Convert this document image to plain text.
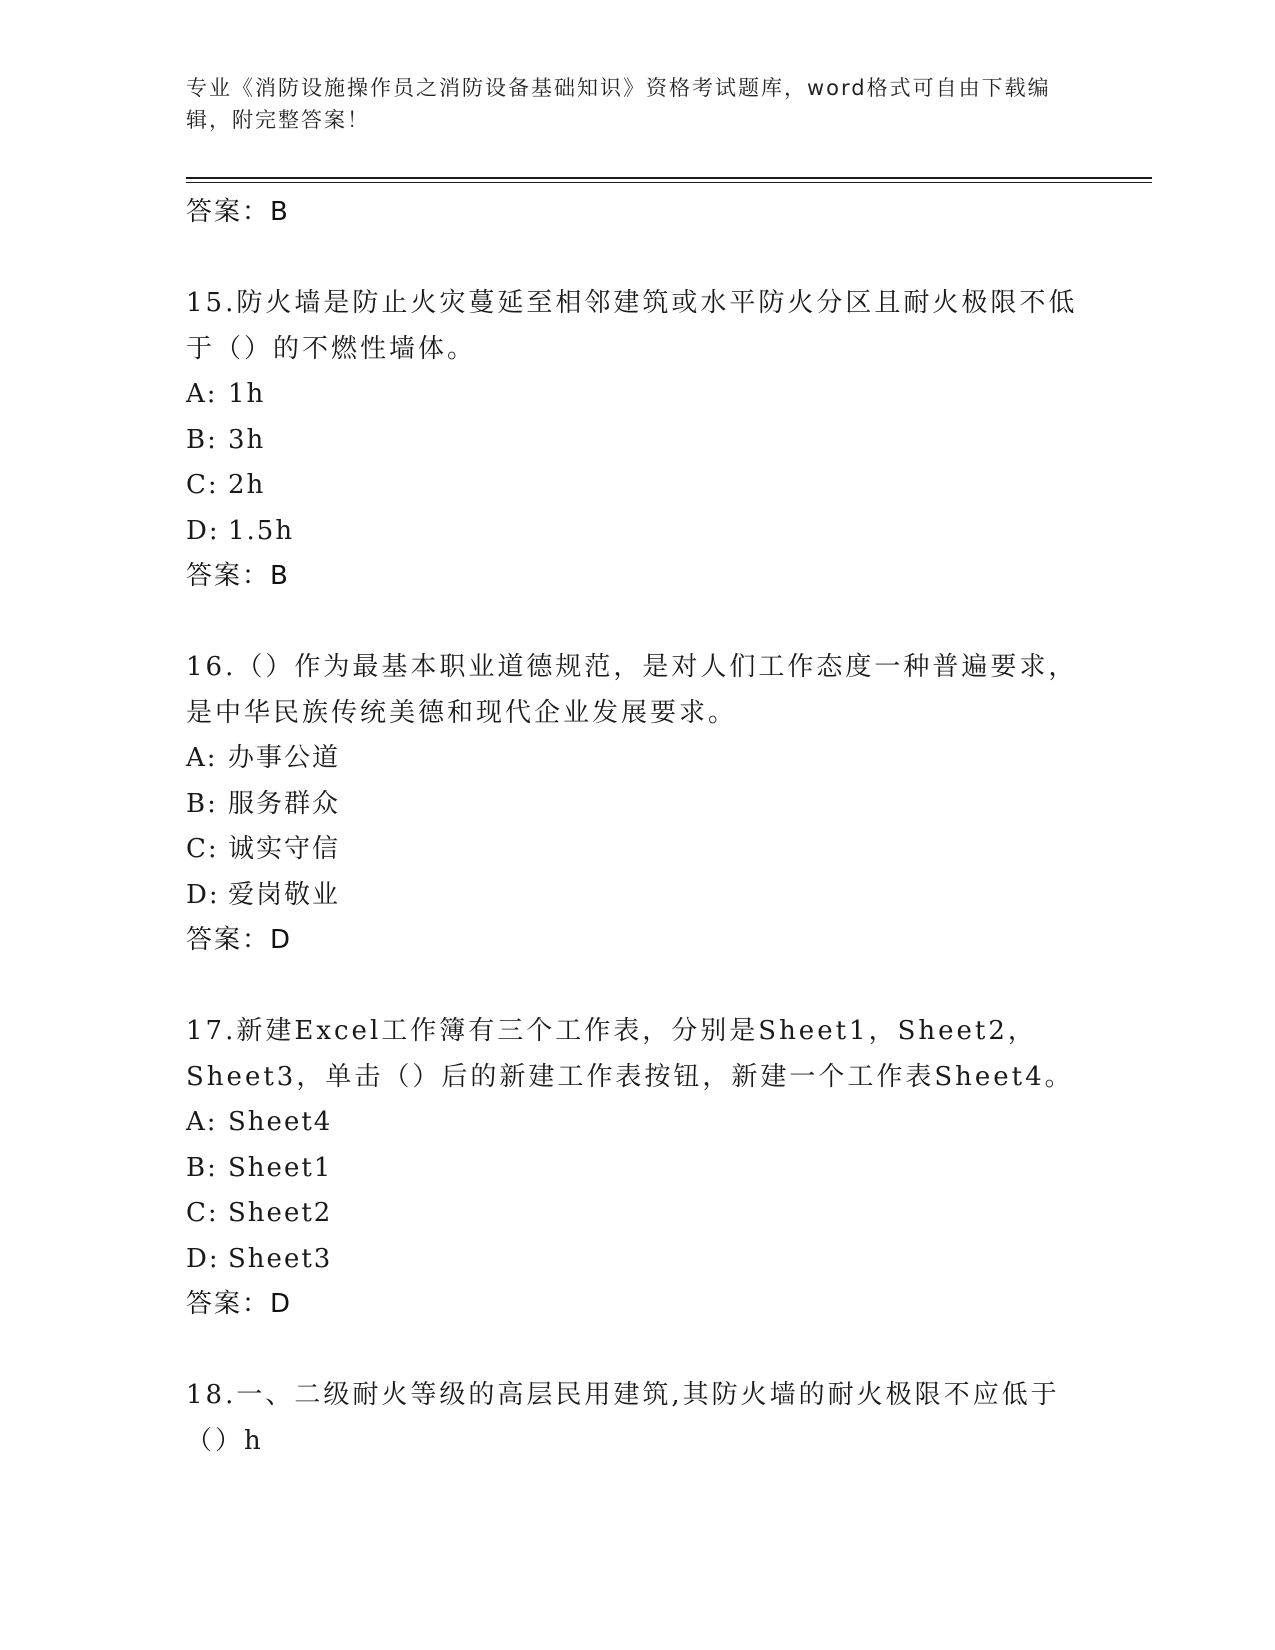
专业《消防设施操作员之消防设备基础知识》资格考试题库，word格式可自由下载编辑，附完整答案！
答案：B
15.防火墙是防止火灾蔓延至相邻建筑或水平防火分区且耐火极限不低于（）的不燃性墙体。
A: 1h
B: 3h
C: 2h
D: 1.5h
答案：B
16.（）作为最基本职业道德规范，是对人们工作态度一种普遍要求，是中华民族传统美德和现代企业发展要求。
A: 办事公道
B: 服务群众
C: 诚实守信
D: 爱岗敬业
答案：D
17.新建Excel工作簿有三个工作表，分别是Sheet1，Sheet2，Sheet3，单击（）后的新建工作表按钮，新建一个工作表Sheet4。
A: Sheet4
B: Sheet1
C: Sheet2
D: Sheet3
答案：D
18.一、二级耐火等级的高层民用建筑,其防火墙的耐火极限不应低于（）h
